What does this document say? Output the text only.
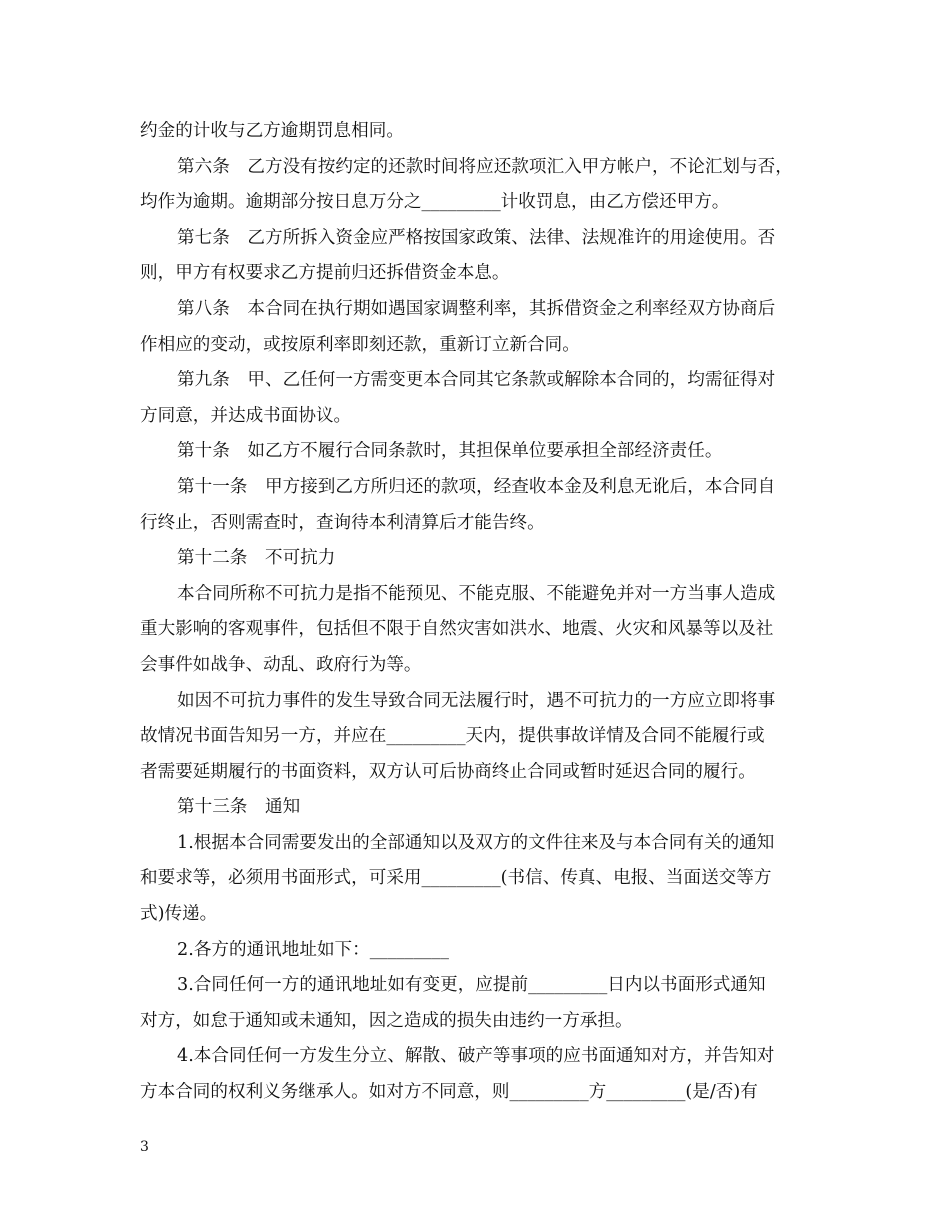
约金的计收与乙方逾期罚息相同。
第六条　乙方没有按约定的还款时间将应还款项汇入甲方帐户，不论汇划与否，
均作为逾期。逾期部分按日息万分之_________计收罚息，由乙方偿还甲方。
第七条　乙方所拆入资金应严格按国家政策、法律、法规准许的用途使用。否
则，甲方有权要求乙方提前归还拆借资金本息。
第八条　本合同在执行期如遇国家调整利率，其拆借资金之利率经双方协商后
作相应的变动，或按原利率即刻还款，重新订立新合同。
第九条　甲、乙任何一方需变更本合同其它条款或解除本合同的，均需征得对
方同意，并达成书面协议。
第十条　如乙方不履行合同条款时，其担保单位要承担全部经济责任。
第十一条　甲方接到乙方所归还的款项，经查收本金及利息无讹后，本合同自
行终止，否则需查时，查询待本利清算后才能告终。
第十二条　不可抗力
本合同所称不可抗力是指不能预见、不能克服、不能避免并对一方当事人造成
重大影响的客观事件，包括但不限于自然灾害如洪水、地震、火灾和风暴等以及社
会事件如战争、动乱、政府行为等。
如因不可抗力事件的发生导致合同无法履行时，遇不可抗力的一方应立即将事
故情况书面告知另一方，并应在_________天内，提供事故详情及合同不能履行或
者需要延期履行的书面资料，双方认可后协商终止合同或暂时延迟合同的履行。
第十三条　通知
1.根据本合同需要发出的全部通知以及双方的文件往来及与本合同有关的通知
和要求等，必须用书面形式，可采用_________(书信、传真、电报、当面送交等方
式)传递。
2.各方的通讯地址如下：_________
3.合同任何一方的通讯地址如有变更，应提前_________日内以书面形式通知
对方，如怠于通知或未通知，因之造成的损失由违约一方承担。
4.本合同任何一方发生分立、解散、破产等事项的应书面通知对方，并告知对
方本合同的权利义务继承人。如对方不同意，则_________方_________(是/否)有
3
